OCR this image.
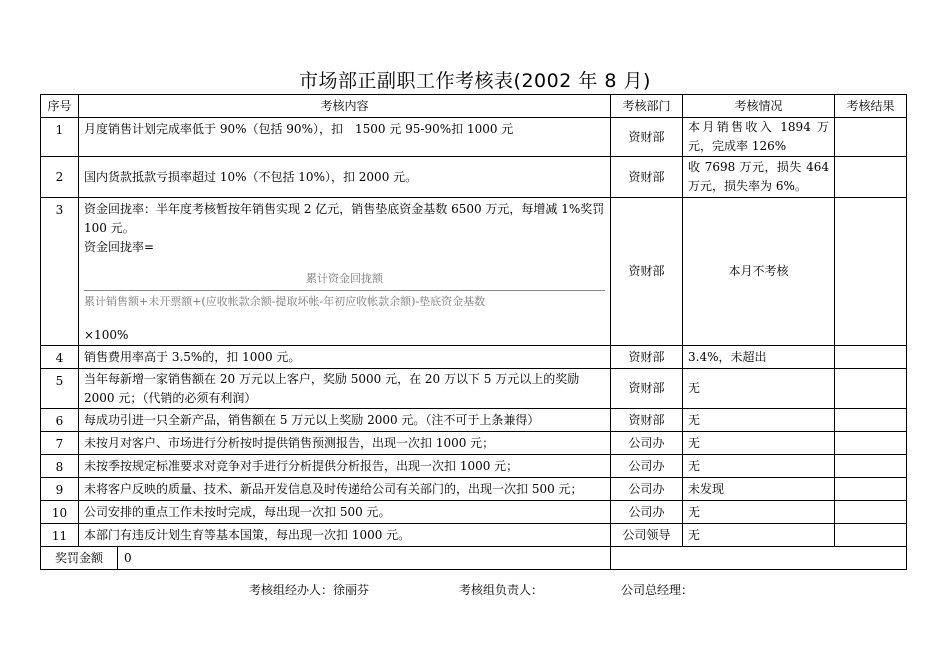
市场部正副职工作考核表(2002 年 8 月)
序号	考核内容	考核部门	考核情况	考核结果
1	月度销售计划完成率低于 90%（包括 90%），扣　1500 元 95-90%扣 1000 元	资财部	本月销售收入 1894 万元，完成率 126%	
2	国内货款抵款亏损率超过 10%（不包括 10%），扣 2000 元。	资财部	收 7698 万元，损失 464 万元，损失率为 6%。	
3	资金回拢率：半年度考核暂按年销售实现 2 亿元，销售垫底资金基数 6500 万元，每增减 1%奖罚 100 元。
资金回拢率=
累计资金回拢额
累计销售额+未开票额+(应收帐款余额-提取坏帐-年初应收帐款余额)-垫底资金基数
×100%	资财部	本月不考核	
4	销售费用率高于 3.5%的，扣 1000 元。	资财部	3.4%，未超出	
5	当年每新增一家销售额在 20 万元以上客户，奖励 5000 元，在 20 万以下 5 万元以上的奖励 2000 元；（代销的必须有利润）	资财部	无	
6	每成功引进一只全新产品，销售额在 5 万元以上奖励 2000 元。（注不可于上条兼得）	资财部	无	
7	未按月对客户、市场进行分析按时提供销售预测报告，出现一次扣 1000 元；	公司办	无	
8	未按季按规定标准要求对竞争对手进行分析提供分析报告，出现一次扣 1000 元；	公司办	无	
9	未将客户反映的质量、技术、新品开发信息及时传递给公司有关部门的，出现一次扣 500 元；	公司办	未发现	
10	公司安排的重点工作未按时完成，每出现一次扣 500 元。	公司办	无	
11	本部门有违反计划生育等基本国策，每出现一次扣 1000 元。	公司领导	无	

奖罚金额 0				

考核组经办人：徐丽芬	考核组负责人：	公司总经理：
